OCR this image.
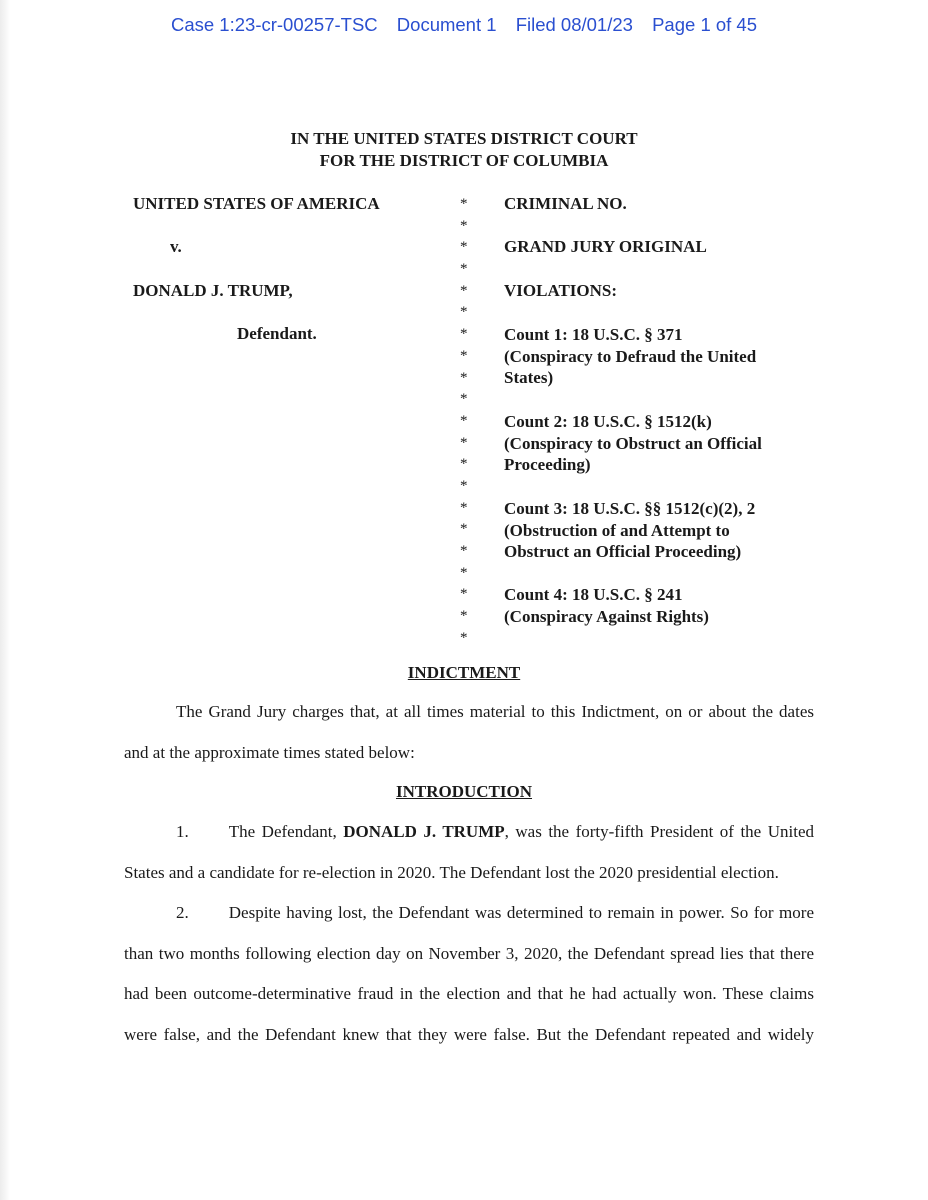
Case 1:23-cr-00257-TSC Document 1 Filed 08/01/23 Page 1 of 45
IN THE UNITED STATES DISTRICT COURT
FOR THE DISTRICT OF COLUMBIA
UNITED STATES OF AMERICA
v.
DONALD J. TRUMP,
Defendant.
*
*
*
*
*
*
*
*
*
*
*
*
*
*
*
*
*
*
*
*
*
CRIMINAL NO.
GRAND JURY ORIGINAL
VIOLATIONS:
Count 1: 18 U.S.C. § 371
(Conspiracy to Defraud the United
States)
Count 2: 18 U.S.C. § 1512(k)
(Conspiracy to Obstruct an Official
Proceeding)
Count 3: 18 U.S.C. §§ 1512(c)(2), 2
(Obstruction of and Attempt to
Obstruct an Official Proceeding)
Count 4: 18 U.S.C. § 241
(Conspiracy Against Rights)
INDICTMENT
The Grand Jury charges that, at all times material to this Indictment, on or about the dates
and at the approximate times stated below:
INTRODUCTION
1. The Defendant, DONALD J. TRUMP, was the forty-fifth President of the United
States and a candidate for re-election in 2020. The Defendant lost the 2020 presidential election.
2. Despite having lost, the Defendant was determined to remain in power. So for more
than two months following election day on November 3, 2020, the Defendant spread lies that there
had been outcome-determinative fraud in the election and that he had actually won. These claims
were false, and the Defendant knew that they were false. But the Defendant repeated and widely
